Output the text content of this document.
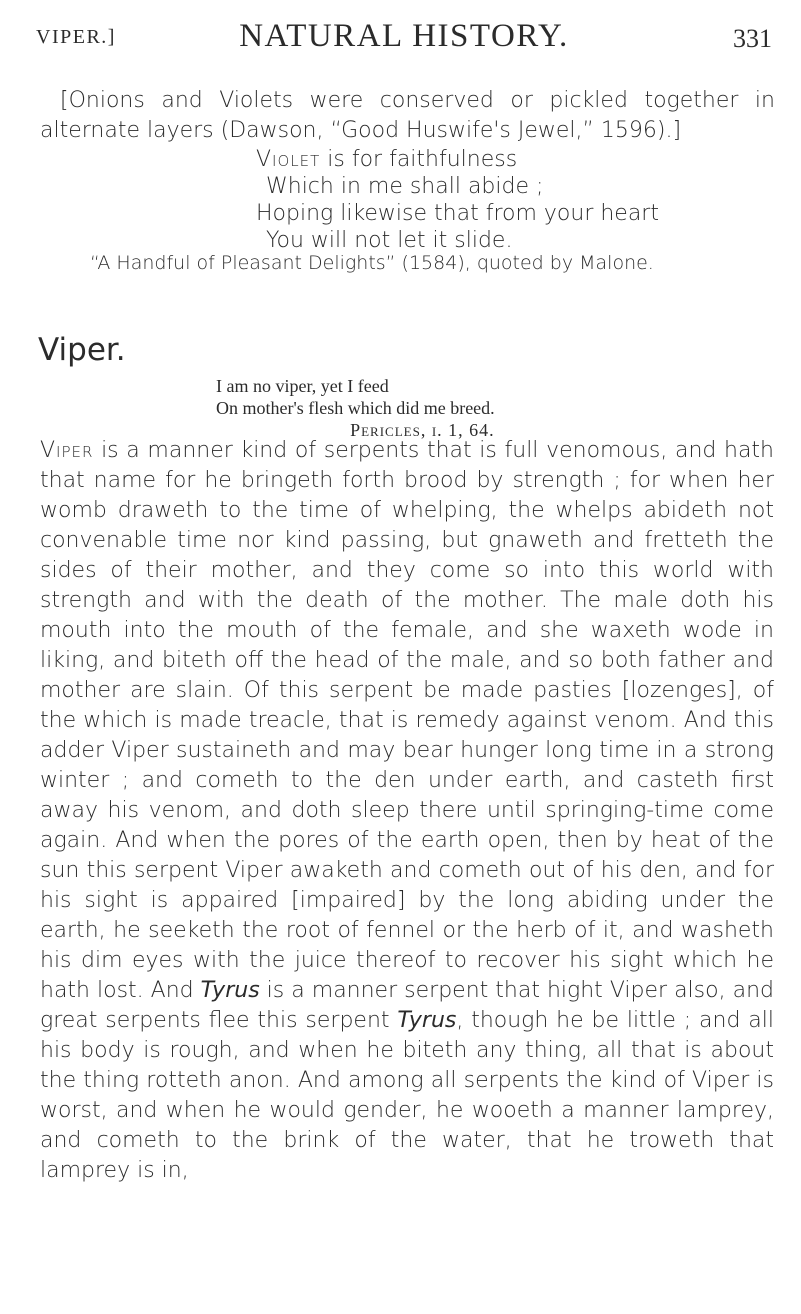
VIPER.]	NATURAL HISTORY.	331

[Onions and Violets were conserved or pickled together in alternate layers (Dawson, “Good Huswife's Jewel,” 1596).]

Violet is for faithfulness
Which in me shall abide ;
Hoping likewise that from your heart
You will not let it slide.
“A Handful of Pleasant Delights” (1584), quoted by Malone.
Viper.
I am no viper, yet I feed
On mother's flesh which did me breed.
Pericles, i. 1, 64.

Viper is a manner kind of serpents that is full venomous, and hath that name for he bringeth forth brood by strength ; for when her womb draweth to the time of whelping, the whelps abideth not convenable time nor kind passing, but gnaweth and fretteth the sides of their mother, and they come so into this world with strength and with the death of the mother. The male doth his mouth into the mouth of the female, and she waxeth wode in liking, and biteth off the head of the male, and so both father and mother are slain. Of this serpent be made pasties [lozenges], of the which is made treacle, that is remedy against venom. And this adder Viper sustaineth and may bear hunger long time in a strong winter ; and cometh to the den under earth, and casteth first away his venom, and doth sleep there until springing-time come again. And when the pores of the earth open, then by heat of the sun this serpent Viper awaketh and cometh out of his den, and for his sight is appaired [impaired] by the long abiding under the earth, he seeketh the root of fennel or the herb of it, and washeth his dim eyes with the juice thereof to recover his sight which he hath lost. And Tyrus is a manner serpent that hight Viper also, and great serpents flee this serpent Tyrus, though he be little ; and all his body is rough, and when he biteth any thing, all that is about the thing rotteth anon. And among all serpents the kind of Viper is worst, and when he would gender, he wooeth a manner lamprey, and cometh to the brink of the water, that he troweth that lamprey is in,
